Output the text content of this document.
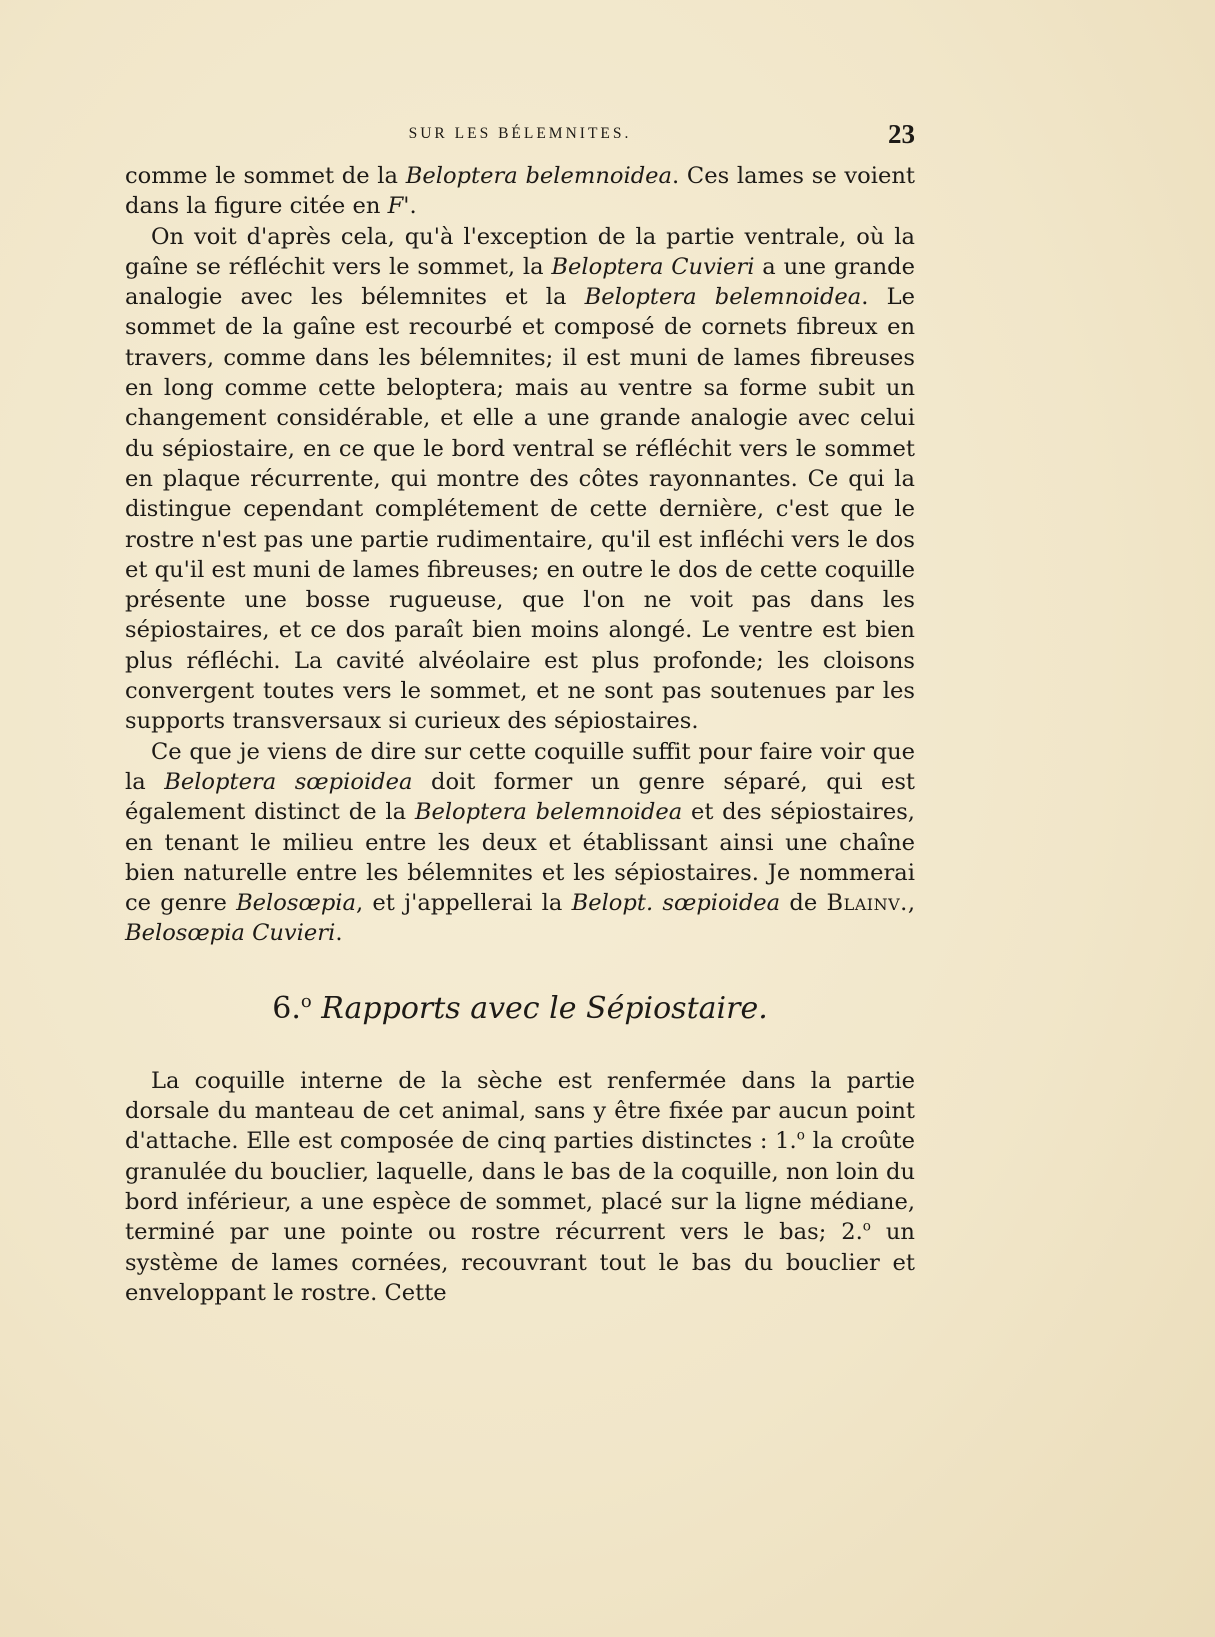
SUR LES BÉLEMNITES.	23

comme le sommet de la Beloptera belemnoidea. Ces lames se voient dans la figure citée en F'.

On voit d'après cela, qu'à l'exception de la partie ventrale, où la gaîne se réfléchit vers le sommet, la Beloptera Cuvieri a une grande analogie avec les bélemnites et la Beloptera belemnoidea. Le sommet de la gaîne est recourbé et composé de cornets fibreux en travers, comme dans les bélemnites; il est muni de lames fibreuses en long comme cette beloptera; mais au ventre sa forme subit un changement considérable, et elle a une grande analogie avec celui du sépiostaire, en ce que le bord ventral se réfléchit vers le sommet en plaque récurrente, qui montre des côtes rayonnantes. Ce qui la distingue cependant complétement de cette dernière, c'est que le rostre n'est pas une partie rudimentaire, qu'il est infléchi vers le dos et qu'il est muni de lames fibreuses; en outre le dos de cette coquille présente une bosse rugueuse, que l'on ne voit pas dans les sépiostaires, et ce dos paraît bien moins alongé. Le ventre est bien plus réfléchi. La cavité alvéolaire est plus profonde; les cloisons convergent toutes vers le sommet, et ne sont pas soutenues par les supports transversaux si curieux des sépiostaires.

Ce que je viens de dire sur cette coquille suffit pour faire voir que la Beloptera sœpioidea doit former un genre séparé, qui est également distinct de la Beloptera belemnoidea et des sépiostaires, en tenant le milieu entre les deux et établissant ainsi une chaîne bien naturelle entre les bélemnites et les sépiostaires. Je nommerai ce genre Belosœpia, et j'appellerai la Belopt. sœpioidea de Blainv., Belosœpia Cuvieri.

6.$^o$ Rapports avec le Sépiostaire.

La coquille interne de la sèche est renfermée dans la partie dorsale du manteau de cet animal, sans y être fixée par aucun point d'attache. Elle est composée de cinq parties distinctes : 1.$^o$ la croûte granulée du bouclier, laquelle, dans le bas de la coquille, non loin du bord inférieur, a une espèce de sommet, placé sur la ligne médiane, terminé par une pointe ou rostre récurrent vers le bas; 2.$^o$ un système de lames cornées, recouvrant tout le bas du bouclier et enveloppant le rostre. Cette
